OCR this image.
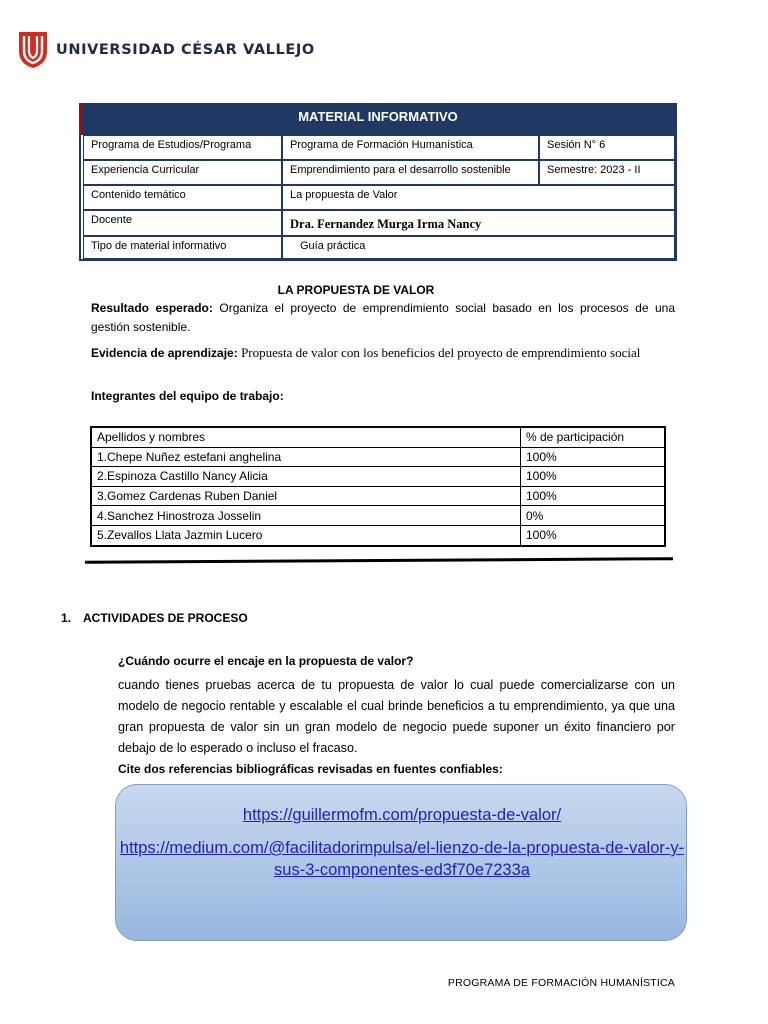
UNIVERSIDAD CÉSAR VALLEJO
MATERIAL INFORMATIVO
Programa de Estudios/Programa	Programa de Formación Humanística	Sesión N° 6
Experiencia Curricular	Emprendimiento para el desarrollo sostenible	Semestre: 2023 - II
Contenido temático	La propuesta de Valor
Docente	Dra. Fernandez Murga Irma Nancy
Tipo de material informativo	Guía práctica
LA PROPUESTA DE VALOR
Resultado esperado: Organiza el proyecto de emprendimiento social basado en los procesos de una gestión sostenible.
Evidencia de aprendizaje: Propuesta de valor con los beneficios del proyecto de emprendimiento social
Integrantes del equipo de trabajo:
Apellidos y nombres	% de participación
1.Chepe Nuñez estefani anghelina	100%
2.Espinoza Castillo Nancy Alicia	100%
3.Gomez Cardenas Ruben Daniel	100%
4.Sanchez Hinostroza Josselin	0%
5.Zevallos Llata Jazmin Lucero	100%
1. ACTIVIDADES DE PROCESO
¿Cuándo ocurre el encaje en la propuesta de valor?
cuando tienes pruebas acerca de tu propuesta de valor lo cual puede comercializarse con un modelo de negocio rentable y escalable el cual brinde beneficios a tu emprendimiento, ya que una gran propuesta de valor sin un gran modelo de negocio puede suponer un éxito financiero por debajo de lo esperado o incluso el fracaso.
Cite dos referencias bibliográficas revisadas en fuentes confiables:
https://guillermofm.com/propuesta-de-valor/
https://medium.com/@facilitadorimpulsa/el-lienzo-de-la-propuesta-de-valor-y-sus-3-componentes-ed3f70e7233a
PROGRAMA DE FORMACIÓN HUMANÍSTICA
